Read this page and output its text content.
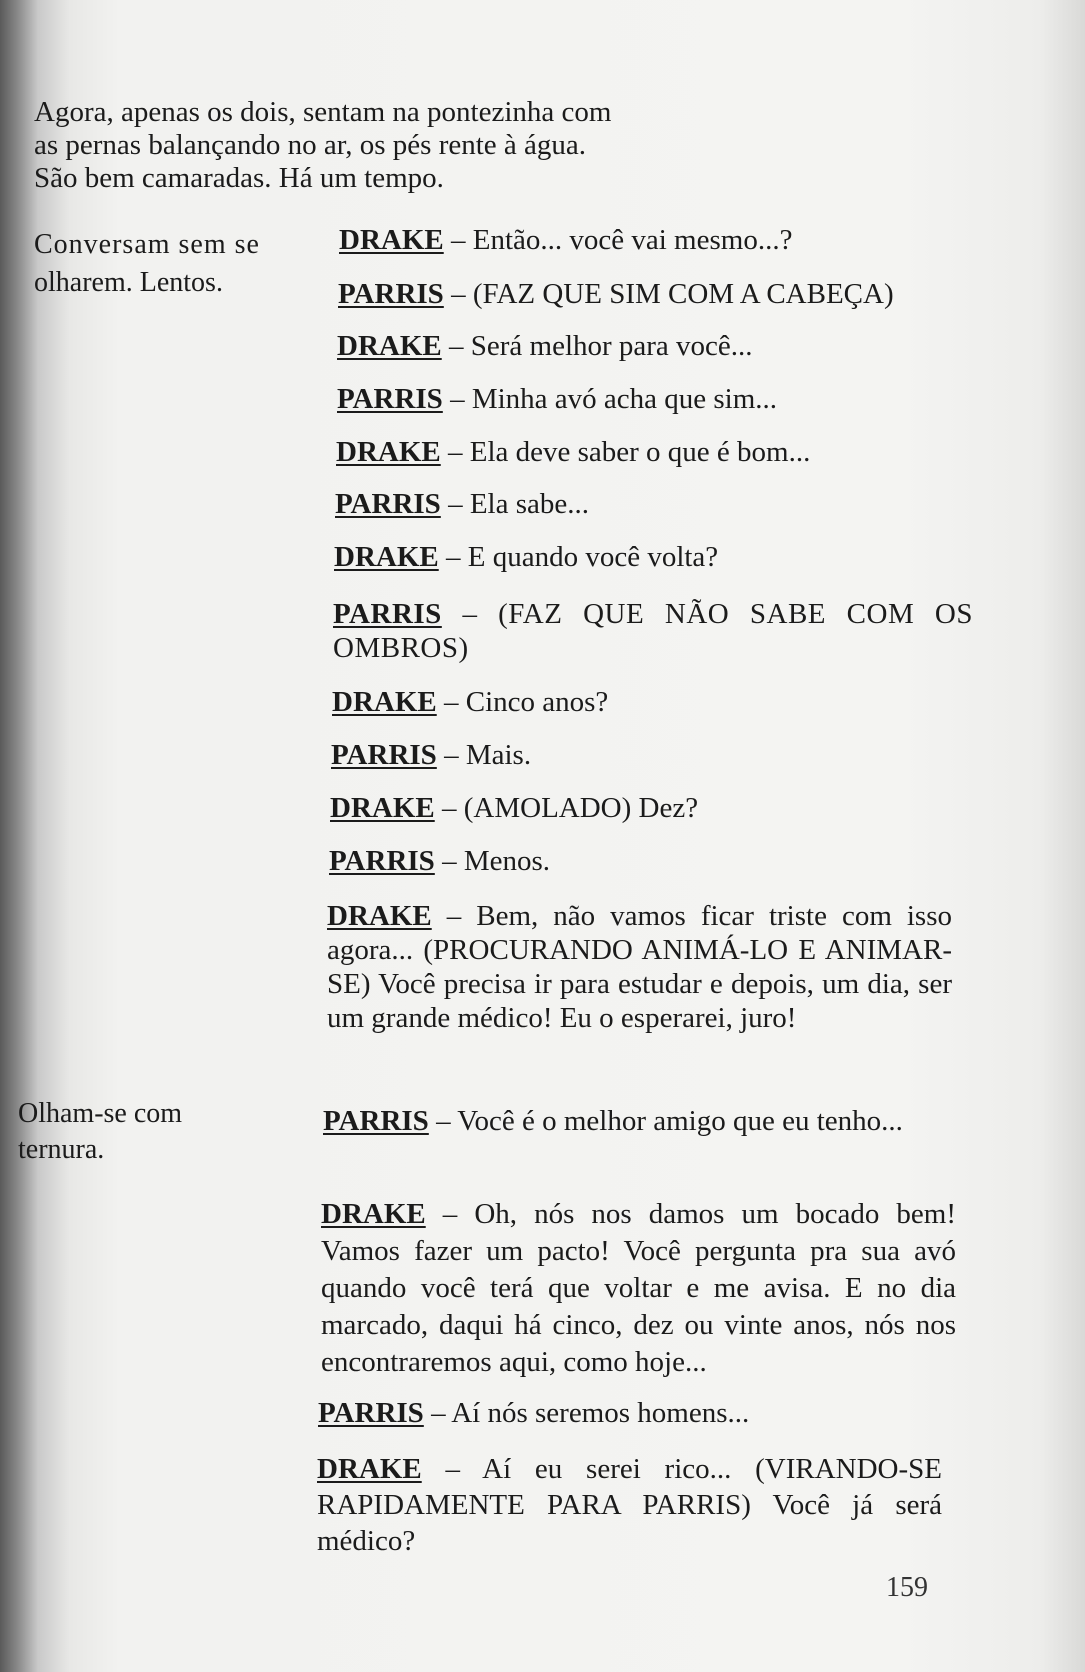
Agora, apenas os dois, sentam na pontezinha com

as pernas balançando no ar, os pés rente à água.

São bem camaradas. Há um tempo.

Conversam sem se
olharem. Lentos.
Olham-se com
ternura.
DRAKE – Então... você vai mesmo...?
PARRIS – (FAZ QUE SIM COM A CABEÇA)
DRAKE – Será melhor para você...
PARRIS – Minha avó acha que sim...
DRAKE – Ela deve saber o que é bom...
PARRIS – Ela sabe...
DRAKE – E quando você volta?
PARRIS – (FAZ QUE NÃO SABE COM OS OMBROS)
DRAKE – Cinco anos?
PARRIS – Mais.
DRAKE – (AMOLADO) Dez?
PARRIS – Menos.
DRAKE – Bem, não vamos ficar triste com isso agora... (PROCURANDO ANIMÁ-LO E ANIMAR-SE) Você precisa ir para estudar e depois, um dia, ser um grande médico! Eu o esperarei, juro!
PARRIS – Você é o melhor amigo que eu tenho...
DRAKE – Oh, nós nos damos um bocado bem! Vamos fazer um pacto! Você pergunta pra sua avó quando você terá que voltar e me avisa. E no dia marcado, daqui há cinco, dez ou vinte anos, nós nos encontraremos aqui, como hoje...
PARRIS – Aí nós seremos homens...
DRAKE – Aí eu serei rico... (VIRANDO-SE RAPIDAMENTE PARA PARRIS) Você já será médico?
159
